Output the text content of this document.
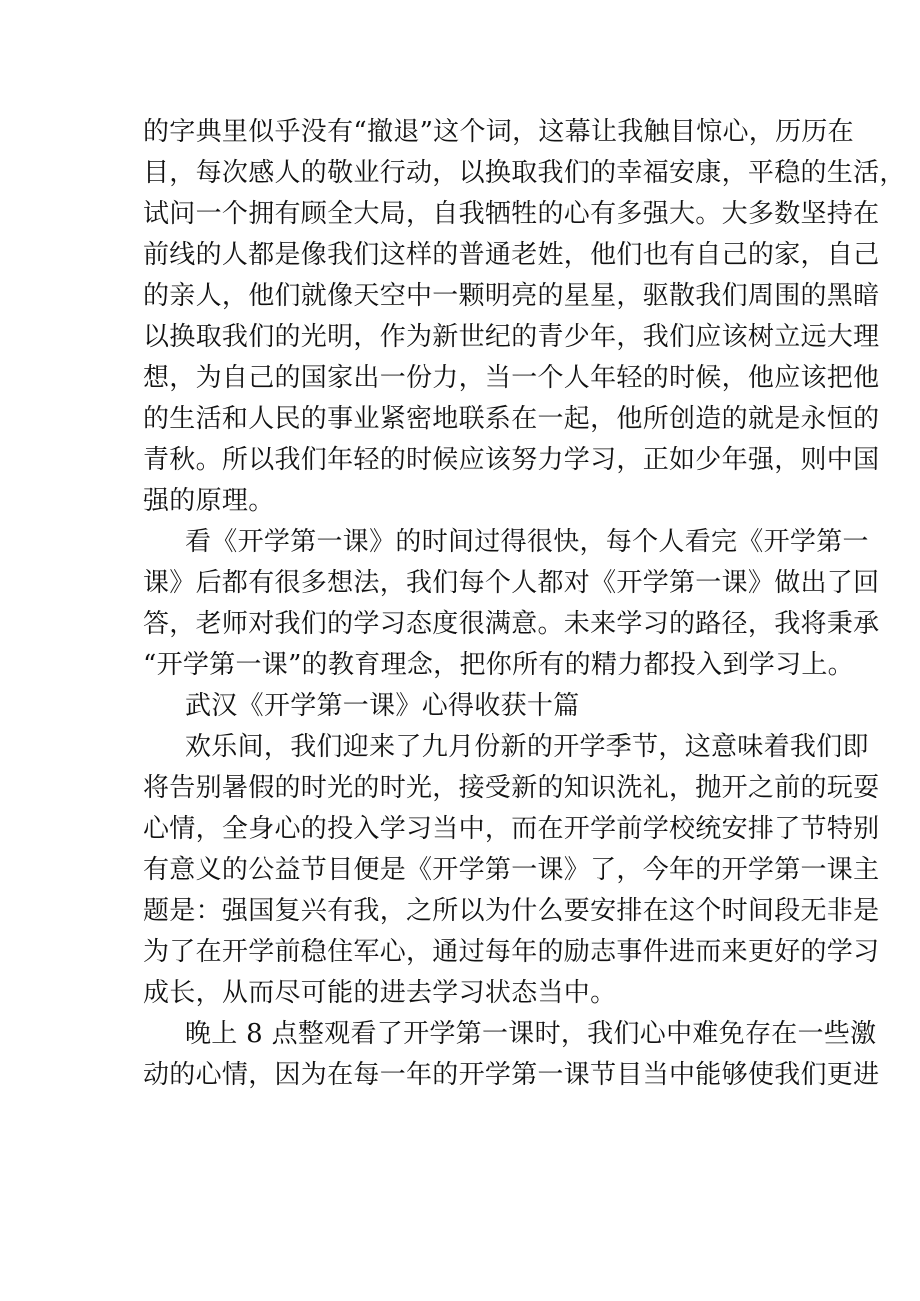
的字典里似乎没有“撤退”这个词，这幕让我触目惊心，历历在
目，每次感人的敬业行动，以换取我们的幸福安康，平稳的生活，
试问一个拥有顾全大局，自我牺牲的心有多强大。大多数坚持在
前线的人都是像我们这样的普通老姓，他们也有自己的家，自己
的亲人，他们就像天空中一颗明亮的星星，驱散我们周围的黑暗
以换取我们的光明，作为新世纪的青少年，我们应该树立远大理
想，为自己的国家出一份力，当一个人年轻的时候，他应该把他
的生活和人民的事业紧密地联系在一起，他所创造的就是永恒的
青秋。所以我们年轻的时候应该努力学习，正如少年强，则中国
强的原理。
看《开学第一课》的时间过得很快，每个人看完《开学第一
课》后都有很多想法，我们每个人都对《开学第一课》做出了回
答，老师对我们的学习态度很满意。未来学习的路径，我将秉承
“开学第一课”的教育理念，把你所有的精力都投入到学习上。
武汉《开学第一课》心得收获十篇
欢乐间，我们迎来了九月份新的开学季节，这意味着我们即
将告别暑假的时光的时光，接受新的知识洗礼，抛开之前的玩耍
心情，全身心的投入学习当中，而在开学前学校统安排了节特别
有意义的公益节目便是《开学第一课》了，今年的开学第一课主
题是：强国复兴有我，之所以为什么要安排在这个时间段无非是
为了在开学前稳住军心，通过每年的励志事件进而来更好的学习
成长，从而尽可能的进去学习状态当中。
晚上 8 点整观看了开学第一课时，我们心中难免存在一些激
动的心情，因为在每一年的开学第一课节目当中能够使我们更进
